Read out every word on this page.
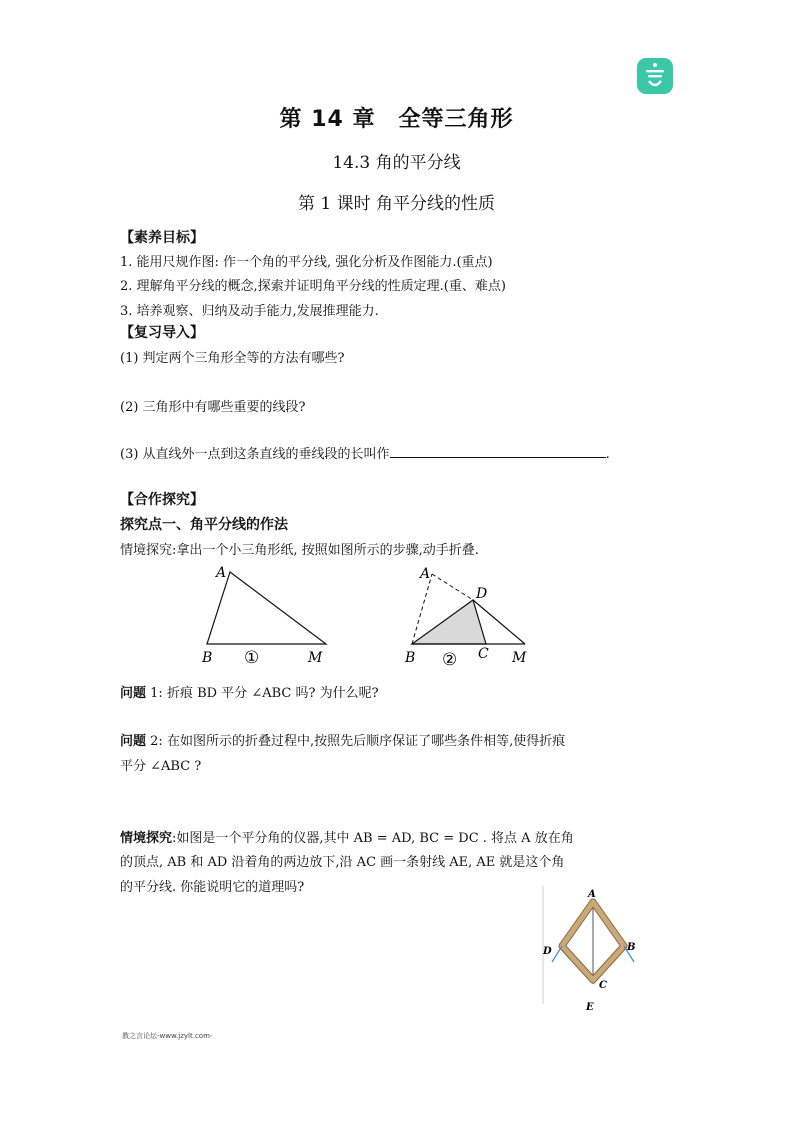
第 14 章　全等三角形
14.3 角的平分线
第 1 课时 角平分线的性质
【素养目标】
1. 能用尺规作图: 作一个角的平分线, 强化分析及作图能力.(重点)
2. 理解角平分线的概念,探索并证明角平分线的性质定理.(重、难点)
3. 培养观察、归纳及动手能力,发展推理能力.
【复习导入】
(1) 判定两个三角形全等的方法有哪些?
(2) 三角形中有哪些重要的线段?
(3) 从直线外一点到这条直线的垂线段的长叫作	.
【合作探究】
探究点一、角平分线的作法
情境探究:拿出一个小三角形纸, 按照如图所示的步骤,动手折叠.
A
B	M
①
A
D
B	C M
②
问题 1: 折痕 BD 平分 ∠ABC 吗? 为什么呢?
问题 2: 在如图所示的折叠过程中,按照先后顺序保证了哪些条件相等,使得折痕
平分 ∠ABC ?
情境探究:如图是一个平分角的仪器,其中 AB = AD, BC = DC . 将点 A 放在角
的顶点, AB 和 AD 沿着角的两边放下,沿 AC 画一条射线 AE, AE 就是这个角
的平分线. 你能说明它的道理吗?	A
D	B
C
E
教之言论坛-www.jzylt.com-
